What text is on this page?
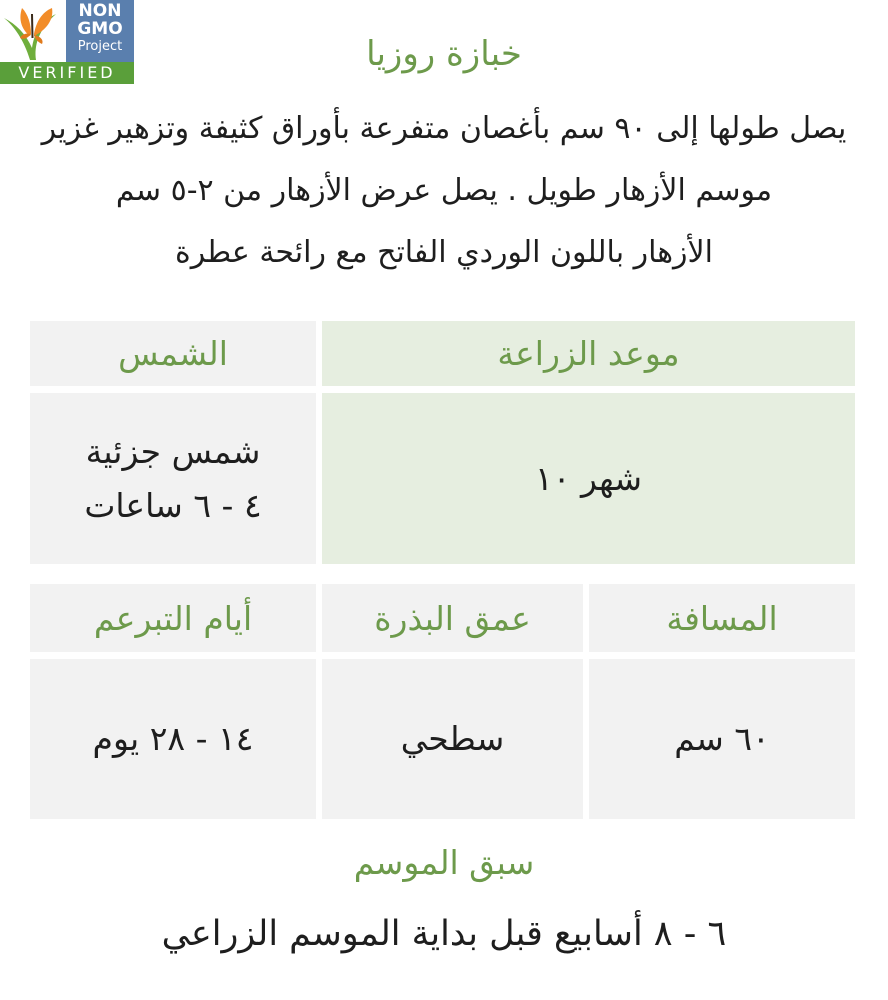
NON
GMO
Project
VERIFIED	خبازة روزيا
يصل طولها إلى ٩٠ سم بأغصان متفرعة بأوراق كثيفة وتزهير غزير
موسم الأزهار طويل . يصل عرض الأزهار من ٢-٥ سم
الأزهار باللون الوردي الفاتح مع رائحة عطرة
موعد الزراعة
الشمس
شهر ١٠
شمس جزئية
٤ - ٦ ساعات
المسافة
عمق البذرة
أيام التبرعم
٦٠ سم
سطحي
١٤ - ٢٨ يوم
سبق الموسم
٦ - ٨ أسابيع قبل بداية الموسم الزراعي
